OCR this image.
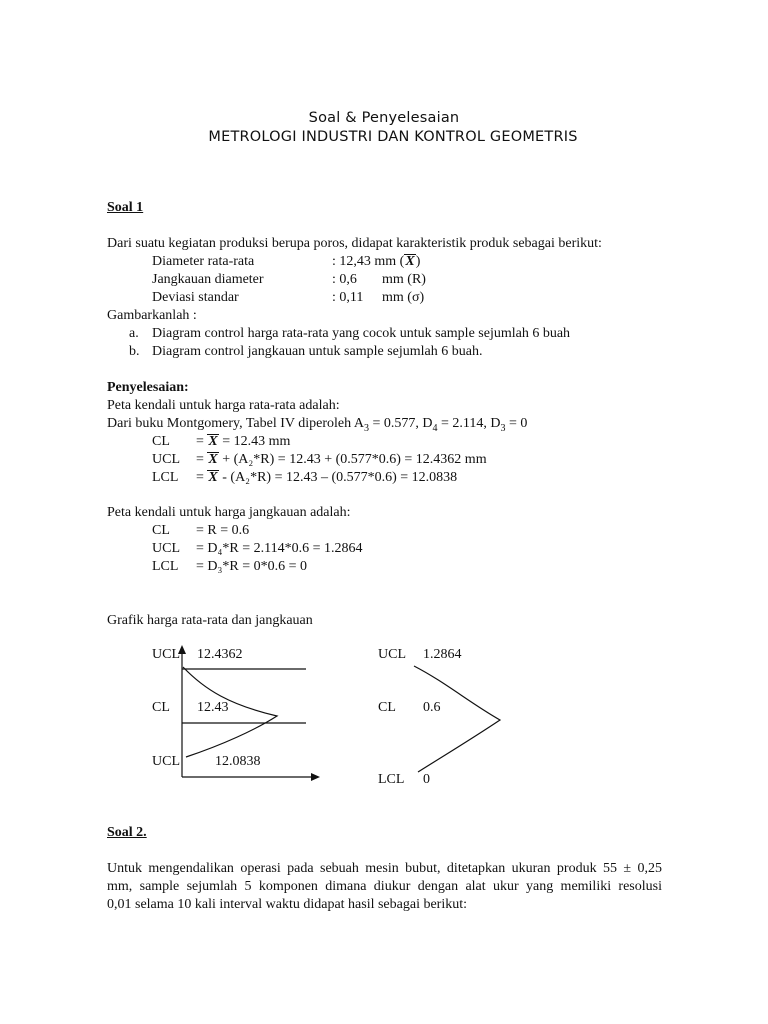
Soal & Penyelesaian
METROLOGI INDUSTRI DAN KONTROL GEOMETRIS
Soal 1
Dari suatu kegiatan produksi berupa poros, didapat karakteristik produk sebagai berikut:
Diameter rata-rata	: 12,43 mm (X)
Jangkauan diameter	: 0,6 mm (R)
Deviasi standar	: 0,11 mm (σ)
Gambarkanlah :
a. Diagram control harga rata-rata yang cocok untuk sample sejumlah 6 buah
b. Diagram control jangkauan untuk sample sejumlah 6 buah.
Penyelesaian:
Peta kendali untuk harga rata-rata adalah:
Dari buku Montgomery, Tabel IV diperoleh $A_3 = 0.577$, $D_4 = 2.114$, $D_3 = 0$
CL = X = 12.43 mm
UCL = X + (A₂*R) = 12.43 + (0.577*0.6) = 12.4362 mm
LCL = X - (A₂*R) = 12.43 – (0.577*0.6) = 12.0838
Peta kendali untuk harga jangkauan adalah:
CL = R = 0.6
UCL = D₄*R = 2.114*0.6 = 1.2864
LCL = D₃*R = 0*0.6 = 0
Grafik harga rata-rata dan jangkauan
UCL 12.4362
CL 12.43
UCL	12.0838
UCL 1.2864
CL 0.6
LCL 0
Soal 2.
Untuk mengendalikan operasi pada sebuah mesin bubut, ditetapkan ukuran produk 55 ± 0,25
mm, sample sejumlah 5 komponen dimana diukur dengan alat ukur yang memiliki resolusi
0,01 selama 10 kali interval waktu didapat hasil sebagai berikut:
